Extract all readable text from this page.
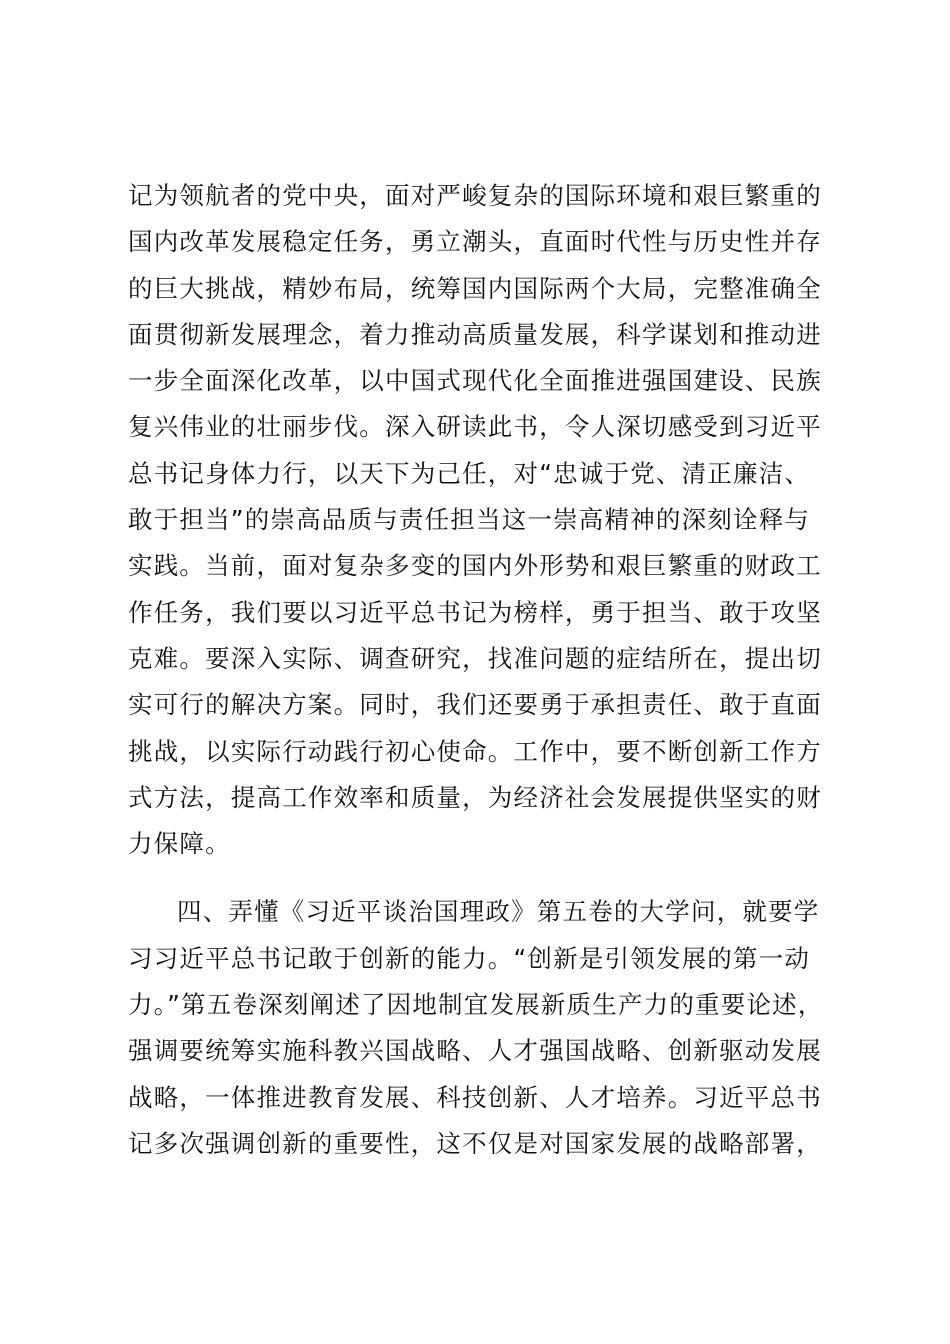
记为领航者的党中央，面对严峻复杂的国际环境和艰巨繁重的
国内改革发展稳定任务，勇立潮头，直面时代性与历史性并存
的巨大挑战，精妙布局，统筹国内国际两个大局，完整准确全
面贯彻新发展理念，着力推动高质量发展，科学谋划和推动进
一步全面深化改革，以中国式现代化全面推进强国建设、民族
复兴伟业的壮丽步伐。深入研读此书，令人深切感受到习近平
总书记身体力行，以天下为己任，对“忠诚于党、清正廉洁、
敢于担当”的崇高品质与责任担当这一崇高精神的深刻诠释与
实践。当前，面对复杂多变的国内外形势和艰巨繁重的财政工
作任务，我们要以习近平总书记为榜样，勇于担当、敢于攻坚
克难。要深入实际、调查研究，找准问题的症结所在，提出切
实可行的解决方案。同时，我们还要勇于承担责任、敢于直面
挑战，以实际行动践行初心使命。工作中，要不断创新工作方
式方法，提高工作效率和质量，为经济社会发展提供坚实的财
力保障。
四、弄懂《习近平谈治国理政》第五卷的大学问，就要学
习习近平总书记敢于创新的能力。“创新是引领发展的第一动
力。”第五卷深刻阐述了因地制宜发展新质生产力的重要论述，
强调要统筹实施科教兴国战略、人才强国战略、创新驱动发展
战略，一体推进教育发展、科技创新、人才培养。习近平总书
记多次强调创新的重要性，这不仅是对国家发展的战略部署，
